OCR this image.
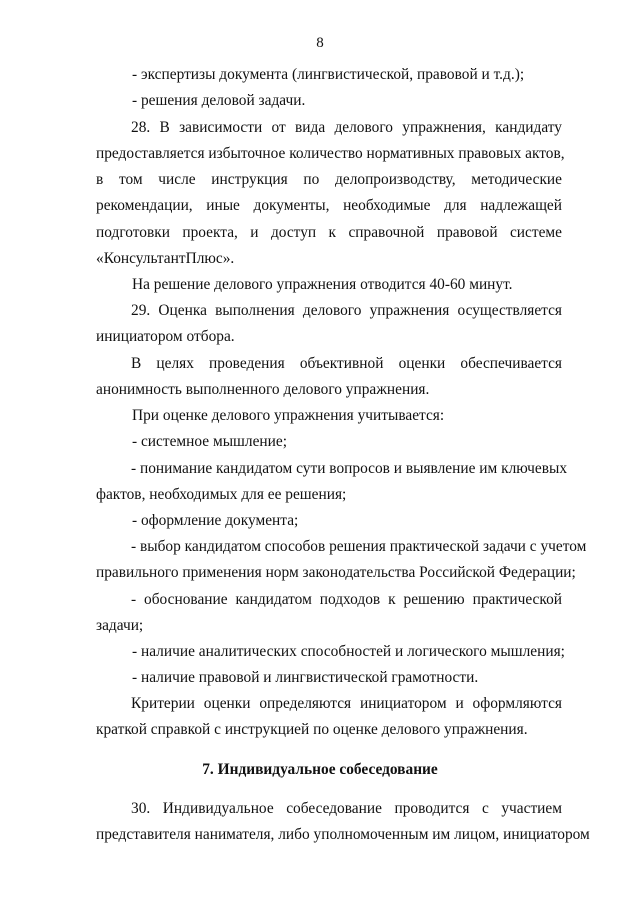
8
- экспертизы документа (лингвистической, правовой и т.д.);
- решения деловой задачи.
28. В зависимости от вида делового упражнения, кандидату
предоставляется избыточное количество нормативных правовых актов,
в том числе инструкция по делопроизводству, методические
рекомендации, иные документы, необходимые для надлежащей
подготовки проекта, и доступ к справочной правовой системе
«КонсультантПлюс».
На решение делового упражнения отводится 40-60 минут.
29. Оценка выполнения делового упражнения осуществляется
инициатором отбора.
В целях проведения объективной оценки обеспечивается
анонимность выполненного делового упражнения.
При оценке делового упражнения учитывается:
- системное мышление;
- понимание кандидатом сути вопросов и выявление им ключевых
фактов, необходимых для ее решения;
- оформление документа;
- выбор кандидатом способов решения практической задачи с учетом
правильного применения норм законодательства Российской Федерации;
- обоснование кандидатом подходов к решению практической
задачи;
- наличие аналитических способностей и логического мышления;
- наличие правовой и лингвистической грамотности.
Критерии оценки определяются инициатором и оформляются
краткой справкой с инструкцией по оценке делового упражнения.
7. Индивидуальное собеседование
30. Индивидуальное собеседование проводится с участием
представителя нанимателя, либо уполномоченным им лицом, инициатором
